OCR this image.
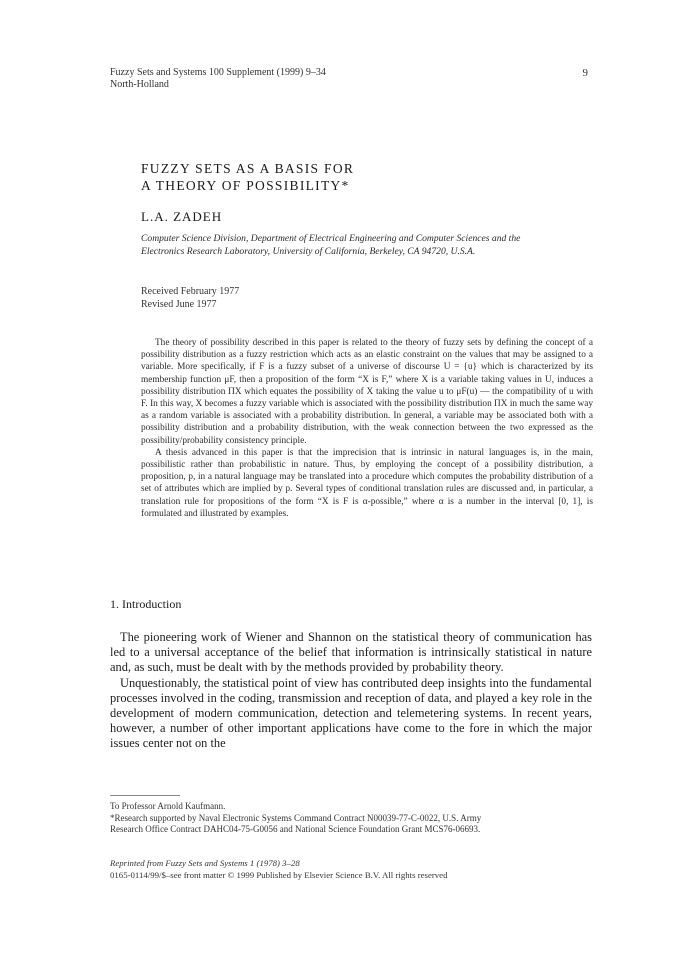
Fuzzy Sets and Systems 100 Supplement (1999) 9–34
North-Holland
9
FUZZY SETS AS A BASIS FOR
A THEORY OF POSSIBILITY*
L.A. ZADEH
Computer Science Division, Department of Electrical Engineering and Computer Sciences and the
Electronics Research Laboratory, University of California, Berkeley, CA 94720, U.S.A.
Received February 1977
Revised June 1977

The theory of possibility described in this paper is related to the theory of fuzzy sets by defining the concept of a possibility distribution as a fuzzy restriction which acts as an elastic constraint on the values that may be assigned to a variable. More specifically, if F is a fuzzy subset of a universe of discourse U = {u} which is characterized by its membership function μF, then a proposition of the form “X is F,” where X is a variable taking values in U, induces a possibility distribution ΠX which equates the possibility of X taking the value u to μF(u) — the compatibility of u with F. In this way, X becomes a fuzzy variable which is associated with the possibility distribution ΠX in much the same way as a random variable is associated with a probability distribution. In general, a variable may be associated both with a possibility distribution and a probability distribution, with the weak connection between the two expressed as the possibility/probability consistency principle.

A thesis advanced in this paper is that the imprecision that is intrinsic in natural languages is, in the main, possibilistic rather than probabilistic in nature. Thus, by employing the concept of a possibility distribution, a proposition, p, in a natural language may be translated into a procedure which computes the probability distribution of a set of attributes which are implied by p. Several types of conditional translation rules are discussed and, in particular, a translation rule for propositions of the form “X is F is α-possible,” where α is a number in the interval [0, 1], is formulated and illustrated by examples.

1. Introduction

The pioneering work of Wiener and Shannon on the statistical theory of communication has led to a universal acceptance of the belief that information is intrinsically statistical in nature and, as such, must be dealt with by the methods provided by probability theory.

Unquestionably, the statistical point of view has contributed deep insights into the fundamental processes involved in the coding, transmission and reception of data, and played a key role in the development of modern communication, detection and telemetering systems. In recent years, however, a number of other important applications have come to the fore in which the major issues center not on the

To Professor Arnold Kaufmann.
*Research supported by Naval Electronic Systems Command Contract N00039-77-C-0022, U.S. Army
Research Office Contract DAHC04-75-G0056 and National Science Foundation Grant MCS76-06693.
Reprinted from Fuzzy Sets and Systems 1 (1978) 3–28
0165-0114/99/$–see front matter © 1999 Published by Elsevier Science B.V. All rights reserved
